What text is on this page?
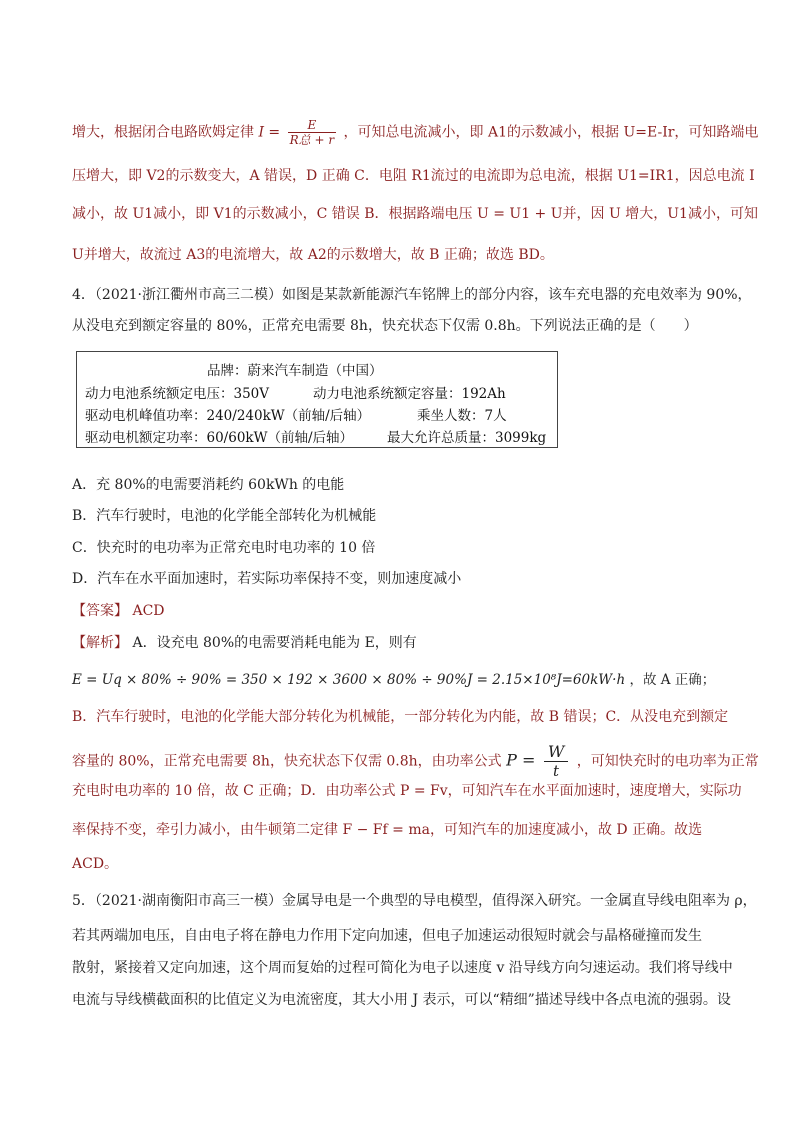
增大，根据闭合电路欧姆定律 $I = \frac{E}{\text{R总 + r}}$ ，可知总电流减小，即 A1的示数减小，根据 U=E-Ir，可知路端电
压增大，即 V2的示数变大，A 错误，D 正确 C．电阻 R1流过的电流即为总电流，根据 U1=IR1，因总电流 I
减小，故 U1减小，即 V1的示数减小，C 错误 B．根据路端电压 U = U1 + U并，因 U 增大，U1减小，可知
U并增大，故流过 A3的电流增大，故 A2的示数增大，故 B 正确；故选 BD。
4．（2021·浙江衢州市高三二模）如图是某款新能源汽车铭牌上的部分内容，该车充电器的充电效率为 90%，
从没电充到额定容量的 80%，正常充电需要 8h，快充状态下仅需 0.8h。下列说法正确的是（　　）
品牌：蔚来汽车制造（中国）
动力电池系统额定电压：350V	动力电池系统额定容量：192Ah
驱动电机峰值功率：240/240kW（前轴/后轴）	乘坐人数：7人
驱动电机额定功率：60/60kW（前轴/后轴）	最大允许总质量：3099kg
A．充 80%的电需要消耗约 60kWh 的电能
B．汽车行驶时，电池的化学能全部转化为机械能
C．快充时的电功率为正常充电时电功率的 10 倍
D．汽车在水平面加速时，若实际功率保持不变，则加速度减小
【答案】 ACD
【解析】 A．设充电 80%的电需要消耗电能为 E，则有
E = Uq × 80% ÷ 90% = 350 × 192 × 3600 × 80% ÷ 90%J = 2.15×10⁸J=60kW·h ，故 A 正确；
B．汽车行驶时，电池的化学能大部分转化为机械能，一部分转化为内能，故 B 错误；C．从没电充到额定
容量的 80%，正常充电需要 8h，快充状态下仅需 0.8h，由功率公式 $P = \frac{W}{t}$ ，可知快充时的电功率为正常
充电时电功率的 10 倍，故 C 正确；D．由功率公式 P = Fv，可知汽车在水平面加速时，速度增大，实际功
率保持不变，牵引力减小，由牛顿第二定律 F − Ff = ma，可知汽车的加速度减小，故 D 正确。故选
ACD。
5．（2021·湖南衡阳市高三一模）金属导电是一个典型的导电模型，值得深入研究。一金属直导线电阻率为 ρ，
若其两端加电压，自由电子将在静电力作用下定向加速，但电子加速运动很短时就会与晶格碰撞而发生
散射，紧接着又定向加速，这个周而复始的过程可简化为电子以速度 v 沿导线方向匀速运动。我们将导线中
电流与导线横截面积的比值定义为电流密度，其大小用 J 表示，可以“精细”描述导线中各点电流的强弱。设
